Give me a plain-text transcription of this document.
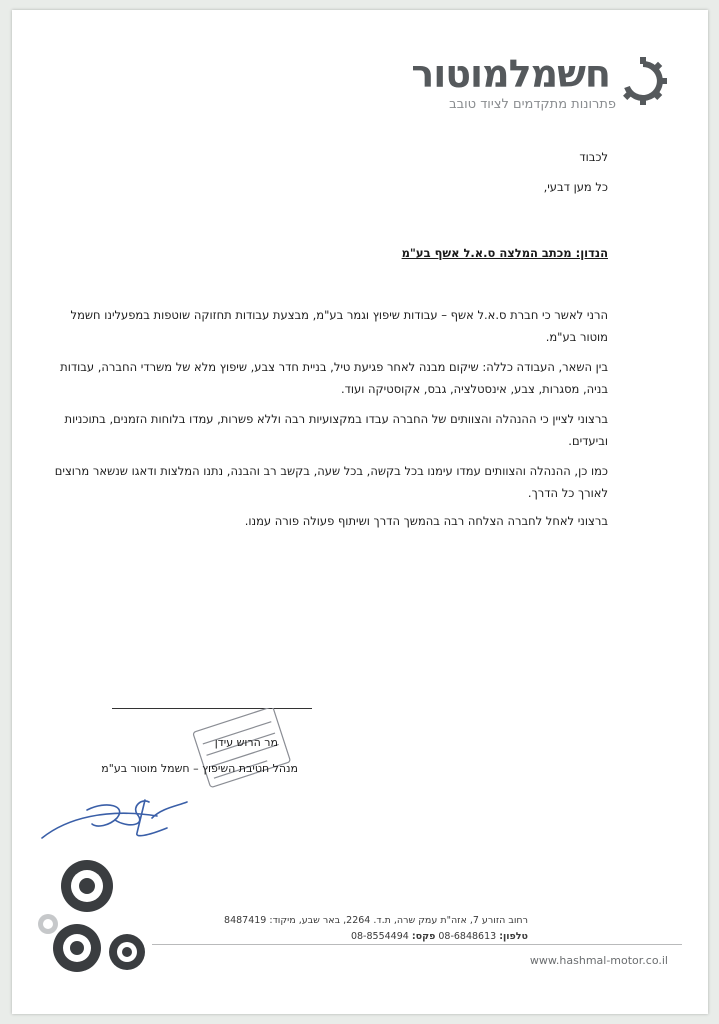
חשמלמוטור
פתרונות מתקדמים לציוד טובב
לכבוד
כל מען דבעי,
הנדון: מכתב המלצה ס.א.ל אשף בע"מ
הרני לאשר כי חברת ס.א.ל אשף – עבודות שיפוץ וגמר בע"מ, מבצעת עבודות תחזוקה שוטפות במפעלינו חשמל מוטור בע"מ.
בין השאר, העבודה כללה: שיקום מבנה לאחר פגיעת טיל, בניית חדר צבע, שיפוץ מלא של משרדי החברה, עבודות בניה, מסגרות, צבע, אינסטלציה, גבס, אקוסטיקה ועוד.
ברצוני לציין כי ההנהלה והצוותים של החברה עבדו במקצועיות רבה וללא פשרות, עמדו בלוחות הזמנים, בתוכניות וביעדים.
כמו כן, ההנהלה והצוותים עמדו עימנו בכל בקשה, בכל שעה, בקשב רב והבנה, נתנו המלצות ודאגו שנשאר מרוצים לאורך כל הדרך.
ברצוני לאחל לחברה הצלחה רבה בהמשך הדרך ושיתוף פעולה פורה עמנו.
מר הרוש עידן
מנהל חטיבת השיפוץ – חשמל מוטור בע"מ
רחוב הזורע 7, אזה"ת עמק שרה, ת.ד. 2264, באר שבע, מיקוד: 8487419
טלפון: 08-6848613 פקס: 08-8554494
www.hashmal-motor.co.il
